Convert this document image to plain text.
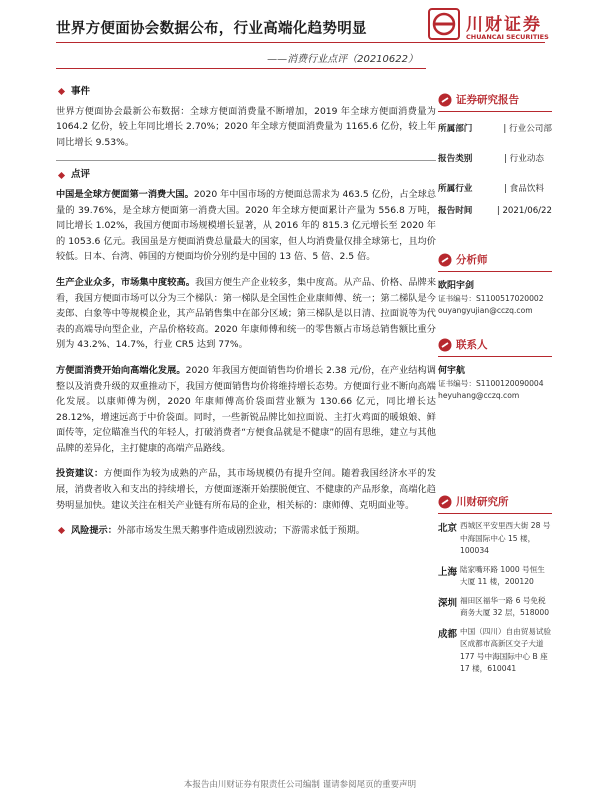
世界方便面协会数据公布，行业高端化趋势明显
——消费行业点评（20210622）
川财证券
CHUANCAI SECURITIES
事件
世界方便面协会最新公布数据：全球方便面消费量不断增加，2019 年全球方便面消费量为 1064.2 亿份，较上年同比增长 2.70%；2020 年全球方便面消费量为 1165.6 亿份，较上年同比增长 9.53%。
点评
中国是全球方便面第一消费大国。2020 年中国市场的方便面总需求为 463.5 亿份，占全球总量的 39.76%，是全球方便面第一消费大国。2020 年全球方便面累计产量为 556.8 万吨，同比增长 1.02%，我国方便面市场规模增长显著，从 2016 年的 815.3 亿元增长至 2020 年的 1053.6 亿元。我国虽是方便面消费总量最大的国家，但人均消费量仅排全球第七，且均价较低。日本、台湾、韩国的方便面均价分别约是中国的 13 倍、5 倍、2.5 倍。
生产企业众多，市场集中度较高。我国方便生产企业较多，集中度高。从产品、价格、品牌来看，我国方便面市场可以分为三个梯队：第一梯队是全国性企业康师傅、统一；第二梯队是今麦郎、白象等中等规模企业，其产品销售集中在部分区域；第三梯队是以日清、拉面说等为代表的高端导向型企业，产品价格较高。2020 年康师傅和统一的零售额占市场总销售额比重分别为 43.2%、14.7%，行业 CR5 达到 77%。
方便面消费开始向高端化发展。2020 年我国方便面销售均价增长 2.38 元/份，在产业结构调整以及消费升级的双重推动下，我国方便面销售均价将维持增长态势。方便面行业不断向高端化发展。以康师傅为例，2020 年康师傅高价袋面营业额为 130.66 亿元，同比增长达 28.12%，增速远高于中价袋面。同时，一些新锐品牌比如拉面说、主打火鸡面的暖娘娘、鲜面传等，定位瞄准当代的年轻人，打破消费者“方便食品就是不健康”的固有思维，建立与其他品牌的差异化，主打健康的高端产品路线。
投资建议：方便面作为较为成熟的产品，其市场规模仍有提升空间。随着我国经济水平的发展，消费者收入和支出的持续增长，方便面逐渐开始摆脱便宜、不健康的产品形象，高端化趋势明显加快。建议关注在相关产业链有所布局的企业，相关标的：康师傅、克明面业等。
风险提示：外部市场发生黑天鹅事件造成剧烈波动；下游需求低于预期。
证券研究报告
所属部门	| 行业公司部
报告类别	| 行业动态
所属行业	| 食品饮料
报告时间	| 2021/06/22
分析师
欧阳宇剑
证书编号：S1100517020002
ouyangyujian@cczq.com
联系人
何宇航
证书编号：S1100120090004
heyuhang@cczq.com
川财研究所
北京 西城区平安里西大街 28 号中海国际中心 15 楼，100034
上海 陆家嘴环路 1000 号恒生大厦 11 楼，200120
深圳 福田区福华一路 6 号免税商务大厦 32 层，518000
成都 中国（四川）自由贸易试验区成都市高新区交子大道 177 号中海国际中心 B 座 17 楼，610041
本报告由川财证券有限责任公司编制 谨请参阅尾页的重要声明
